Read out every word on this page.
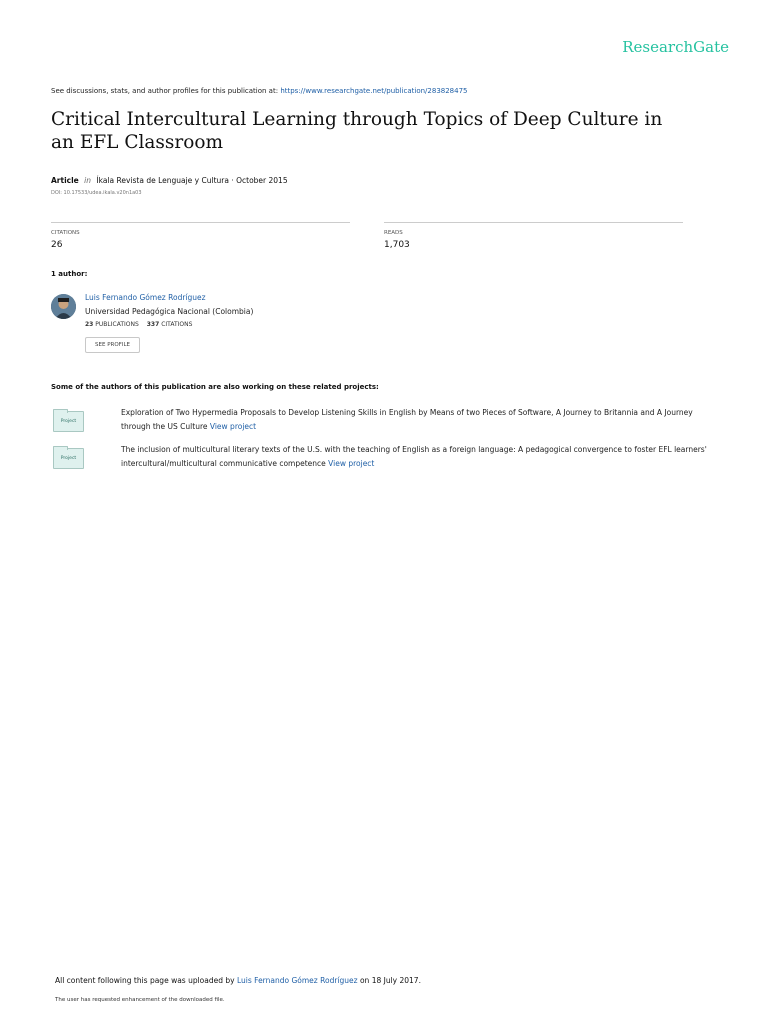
ResearchGate
See discussions, stats, and author profiles for this publication at: https://www.researchgate.net/publication/283828475
Critical Intercultural Learning through Topics of Deep Culture in an EFL Classroom
Article in Íkala Revista de Lenguaje y Cultura · October 2015
DOI: 10.17533/udea.ikala.v20n1a03
CITATIONS
26
READS
1,703
1 author:
Luis Fernando Gómez Rodríguez
Universidad Pedagógica Nacional (Colombia)
23 PUBLICATIONS 337 CITATIONS
SEE PROFILE
Some of the authors of this publication are also working on these related projects:
Project
Exploration of Two Hypermedia Proposals to Develop Listening Skills in English by Means of two Pieces of Software, A Journey to Britannia and A Journey through the US Culture View project
Project
The inclusion of multicultural literary texts of the U.S. with the teaching of English as a foreign language: A pedagogical convergence to foster EFL learners' intercultural/multicultural communicative competence View project
All content following this page was uploaded by Luis Fernando Gómez Rodríguez on 18 July 2017.
The user has requested enhancement of the downloaded file.
